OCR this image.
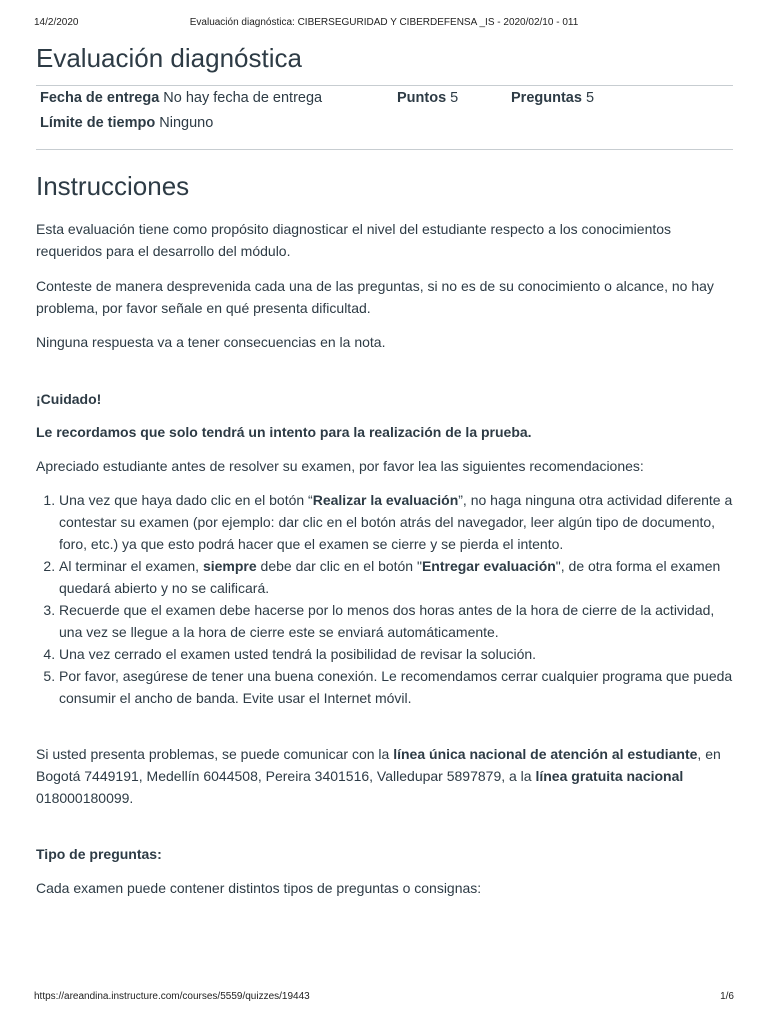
14/2/2020	Evaluación diagnóstica: CIBERSEGURIDAD Y CIBERDEFENSA _IS - 2020/02/10 - 011
Evaluación diagnóstica
Fecha de entrega No hay fecha de entrega	Puntos 5	Preguntas 5
Límite de tiempo Ninguno
Instrucciones

Esta evaluación tiene como propósito diagnosticar el nivel del estudiante respecto a los conocimientos requeridos para el desarrollo del módulo.

Conteste de manera desprevenida cada una de las preguntas, si no es de su conocimiento o alcance, no hay problema, por favor señale en qué presenta dificultad.

Ninguna respuesta va a tener consecuencias en la nota.

¡Cuidado!

Le recordamos que solo tendrá un intento para la realización de la prueba.

Apreciado estudiante antes de resolver su examen, por favor lea las siguientes recomendaciones:

1. Una vez que haya dado clic en el botón “Realizar la evaluación”, no haga ninguna otra actividad diferente a contestar su examen (por ejemplo: dar clic en el botón atrás del navegador, leer algún tipo de documento, foro, etc.) ya que esto podrá hacer que el examen se cierre y se pierda el intento.
2. Al terminar el examen, siempre debe dar clic en el botón "Entregar evaluación", de otra forma el examen quedará abierto y no se calificará.
3. Recuerde que el examen debe hacerse por lo menos dos horas antes de la hora de cierre de la actividad, una vez se llegue a la hora de cierre este se enviará automáticamente.
4. Una vez cerrado el examen usted tendrá la posibilidad de revisar la solución.
5. Por favor, asegúrese de tener una buena conexión. Le recomendamos cerrar cualquier programa que pueda consumir el ancho de banda. Evite usar el Internet móvil.

Si usted presenta problemas, se puede comunicar con la línea única nacional de atención al estudiante, en Bogotá 7449191, Medellín 6044508, Pereira 3401516, Valledupar 5897879, a la línea gratuita nacional 018000180099.

Tipo de preguntas:

Cada examen puede contener distintos tipos de preguntas o consignas:

https://areandina.instructure.com/courses/5559/quizzes/19443	1/6
